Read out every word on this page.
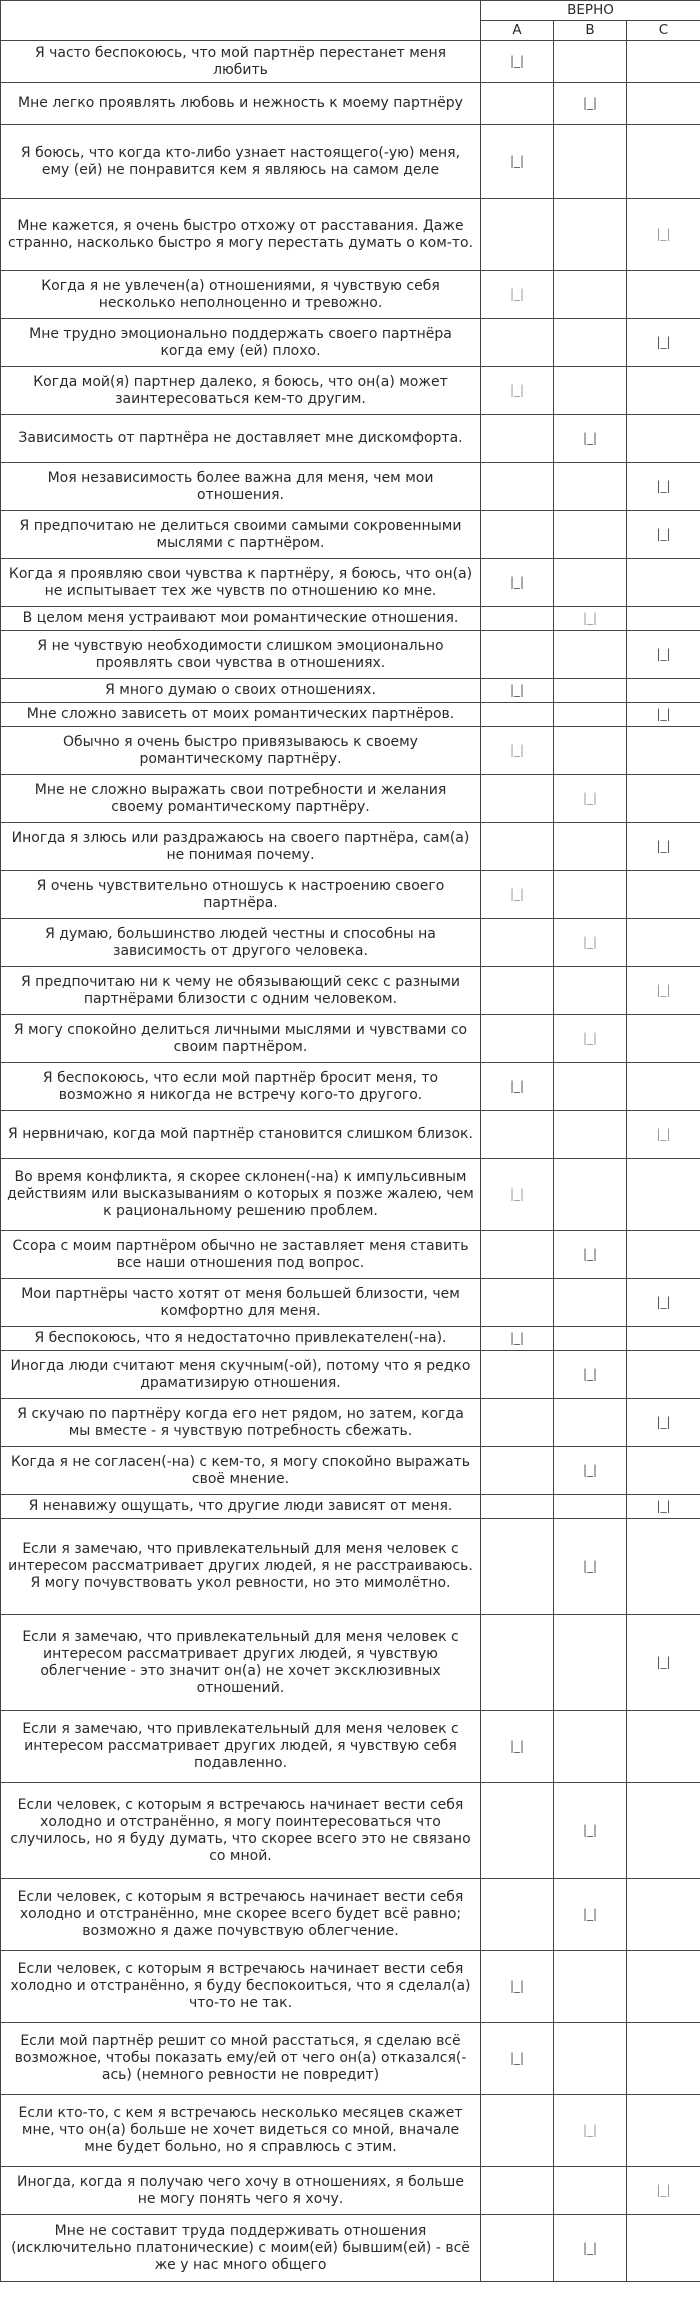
	ВЕРНО		
	A	B	C
Я часто беспокоюсь, что мой партнёр перестанет меня любить	|_|		
Мне легко проявлять любовь и нежность к моему партнёру		|_|	
Я боюсь, что когда кто-либо узнает настоящего(-ую) меня, ему (ей) не понравится кем я являюсь на самом деле	|_|		
Мне кажется, я очень быстро отхожу от расставания. Даже странно, насколько быстро я могу перестать думать о ком-то.			|_|
Когда я не увлечен(а) отношениями, я чувствую себя несколько неполноценно и тревожно.	|_|		
Мне трудно эмоционально поддержать своего партнёра когда ему (ей) плохо.			|_|
Когда мой(я) партнер далеко, я боюсь, что он(а) может заинтересоваться кем-то другим.	|_|		
Зависимость от партнёра не доставляет мне дискомфорта.		|_|	
Моя независимость более важна для меня, чем мои отношения.			|_|
Я предпочитаю не делиться своими самыми сокровенными мыслями с партнёром.			|_|
Когда я проявляю свои чувства к партнёру, я боюсь, что он(а) не испытывает тех же чувств по отношению ко мне.	|_|		
В целом меня устраивают мои романтические отношения.		|_|	
Я не чувствую необходимости слишком эмоционально проявлять свои чувства в отношениях.			|_|
Я много думаю о своих отношениях.	|_|		
Мне сложно зависеть от моих романтических партнёров.			|_|
Обычно я очень быстро привязываюсь к своему романтическому партнёру.	|_|		
Мне не сложно выражать свои потребности и желания своему романтическому партнёру.		|_|	
Иногда я злюсь или раздражаюсь на своего партнёра, сам(а) не понимая почему.			|_|
Я очень чувствительно отношусь к настроению своего партнёра.	|_|		
Я думаю, большинство людей честны и способны на зависимость от другого человека.		|_|	
Я предпочитаю ни к чему не обязывающий секс с разными партнёрами близости с одним человеком.			|_|
Я могу спокойно делиться личными мыслями и чувствами со своим партнёром.		|_|	
Я беспокоюсь, что если мой партнёр бросит меня, то возможно я никогда не встречу кого-то другого.	|_|		
Я нервничаю, когда мой партнёр становится слишком близок.			|_|
Во время конфликта, я скорее склонен(-на) к импульсивным действиям или высказываниям о которых я позже жалею, чем к рациональному решению проблем.	|_|		
Ссора с моим партнёром обычно не заставляет меня ставить все наши отношения под вопрос.		|_|	
Мои партнёры часто хотят от меня большей близости, чем комфортно для меня.			|_|
Я беспокоюсь, что я недостаточно привлекателен(-на).	|_|		
Иногда люди считают меня скучным(-ой), потому что я редко драматизирую отношения.		|_|	
Я скучаю по партнёру когда его нет рядом, но затем, когда мы вместе - я чувствую потребность сбежать.			|_|
Когда я не согласен(-на) с кем-то, я могу спокойно выражать своё мнение.		|_|	
Я ненавижу ощущать, что другие люди зависят от меня.			|_|
Если я замечаю, что привлекательный для меня человек с интересом рассматривает других людей, я не расстраиваюсь. Я могу почувствовать укол ревности, но это мимолётно.		|_|	
Если я замечаю, что привлекательный для меня человек с интересом рассматривает других людей, я чувствую облегчение - это значит он(а) не хочет эксклюзивных отношений.			|_|
Если я замечаю, что привлекательный для меня человек с интересом рассматривает других людей, я чувствую себя подавленно.	|_|		
Если человек, с которым я встречаюсь начинает вести себя холодно и отстранённо, я могу поинтересоваться что случилось, но я буду думать, что скорее всего это не связано со мной.		|_|	
Если человек, с которым я встречаюсь начинает вести себя холодно и отстранённо, мне скорее всего будет всё равно; возможно я даже почувствую облегчение.		|_|	
Если человек, с которым я встречаюсь начинает вести себя холодно и отстранённо, я буду беспокоиться, что я сделал(а) что-то не так.	|_|		
Если мой партнёр решит со мной расстаться, я сделаю всё возможное, чтобы показать ему/ей от чего он(а) отказался(-ась) (немного ревности не повредит)	|_|		
Если кто-то, с кем я встречаюсь несколько месяцев скажет мне, что он(а) больше не хочет видеться со мной, вначале мне будет больно, но я справлюсь с этим.		|_|	
Иногда, когда я получаю чего хочу в отношениях, я больше не могу понять чего я хочу.			|_|
Мне не составит труда поддерживать отношения (исключительно платонические) с моим(ей) бывшим(ей) - всё же у нас много общего		|_|	
